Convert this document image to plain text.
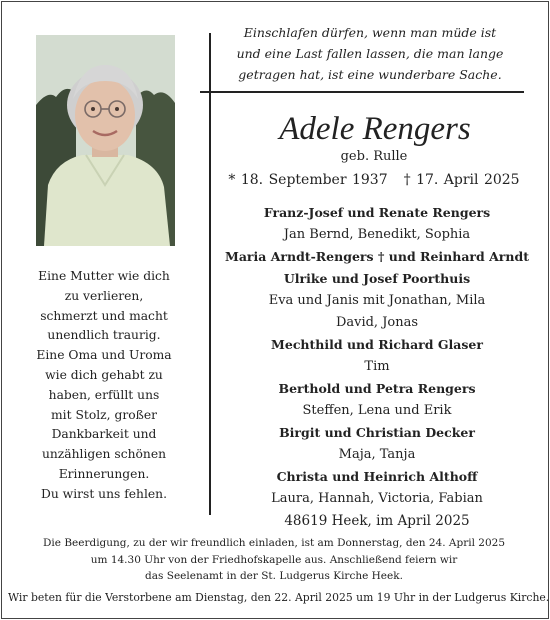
Einschlafen dürfen, wenn man müde ist
und eine Last fallen lassen, die man lange
getragen hat, ist eine wunderbare Sache.
Adele Rengers
geb. Rulle
* 18. September 1937 † 17. April 2025
Franz-Josef und Renate Rengers
Jan Bernd, Benedikt, Sophia
Maria Arndt-Rengers † und Reinhard Arndt
Ulrike und Josef Poorthuis
Eva und Janis mit Jonathan, Mila
David, Jonas
Mechthild und Richard Glaser
Tim
Berthold und Petra Rengers
Steffen, Lena und Erik
Birgit und Christian Decker
Maja, Tanja
Christa und Heinrich Althoff
Laura, Hannah, Victoria, Fabian
48619 Heek, im April 2025
Eine Mutter wie dich
zu verlieren,
schmerzt und macht
unendlich traurig.
Eine Oma und Uroma
wie dich gehabt zu
haben, erfüllt uns
mit Stolz, großer
Dankbarkeit und
unzähligen schönen
Erinnerungen.
Du wirst uns fehlen.
Die Beerdigung, zu der wir freundlich einladen, ist am Donnerstag, den 24. April 2025
um 14.30 Uhr von der Friedhofskapelle aus. Anschließend feiern wir
das Seelenamt in der St. Ludgerus Kirche Heek.
Wir beten für die Verstorbene am Dienstag, den 22. April 2025 um 19 Uhr in der Ludgerus Kirche.
